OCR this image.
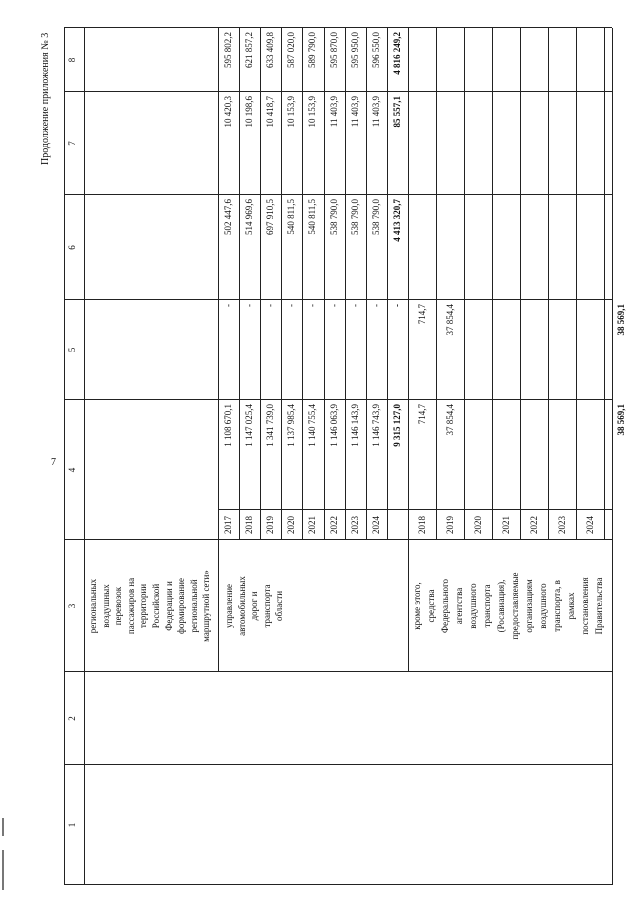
7
Продолжение приложения № 3
1
2
3
4
5
6
7
8
региональных воздушных перевозок пассажиров на территории Российской Федерации и формирование региональной маршрутной сети» управление автомобильных дорог и транспорта области	кроме этого, средства Федерального агентства воздушного транспорта (Росавиация), предоставляемые организациям воздушного транспорта, в рамках постановления Правительства
2017
1 108 670,1
-
502 447,6
10 420,3
595 802,2
2018
1 147 025,4
-
514 969,6
10 198,6
621 857,2
2019
1 341 739,0
-
697 910,5
10 418,7
633 409,8
2020
1 137 985,4
-
540 811,5
10 153,9
587 020,0
2021
1 140 755,4
-
540 811,5
10 153,9
589 790,0
2022
1 146 063,9
-
538 790,0
11 403,9
595 870,0
2023
1 146 143,9
-
538 790,0
11 403,9
595 950,0
2024
1 146 743,9
-
538 790,0
11 403,9
596 550,0
9 315 127,0
-
4 413 320,7
85 557,1
4 816 249,2
2018
714,7
714,7
2019
37 854,4
37 854,4
2020 2021 2022 2023 2024
38 569,1
38 569,1
